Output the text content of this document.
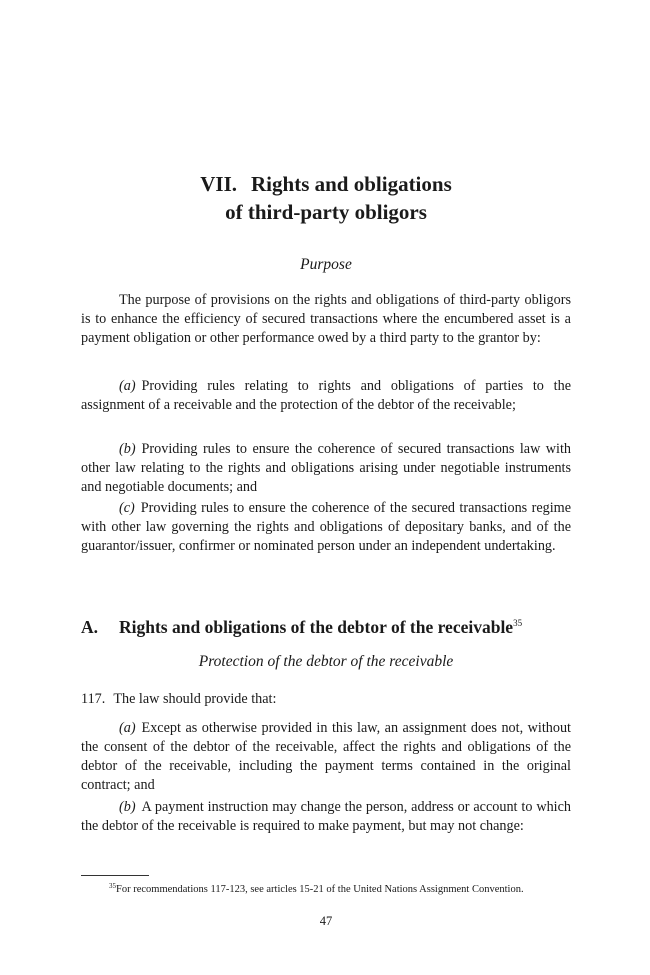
VII. Rights and obligations
of third-party obligors
Purpose

The purpose of provisions on the rights and obligations of third-party obligors is to enhance the efficiency of secured transactions where the encumbered asset is a payment obligation or other performance owed by a third party to the grantor by:

(a) Providing rules relating to rights and obligations of parties to the assignment of a receivable and the protection of the debtor of the receivable;

(b) Providing rules to ensure the coherence of secured transactions law with other law relating to the rights and obligations arising under negotiable instruments and negotiable documents; and

(c) Providing rules to ensure the coherence of the secured transactions regime with other law governing the rights and obligations of depositary banks, and of the guarantor/issuer, confirmer or nominated person under an independent undertaking.

A. Rights and obligations of the debtor of the receivable$^{35}$
Protection of the debtor of the receivable
117. The law should provide that:

(a) Except as otherwise provided in this law, an assignment does not, without the consent of the debtor of the receivable, affect the rights and obligations of the debtor of the receivable, including the payment terms contained in the original contract; and

(b) A payment instruction may change the person, address or account to which the debtor of the receivable is required to make payment, but may not change:

$^{35}$For recommendations 117-123, see articles 15-21 of the United Nations Assignment Convention.
47
